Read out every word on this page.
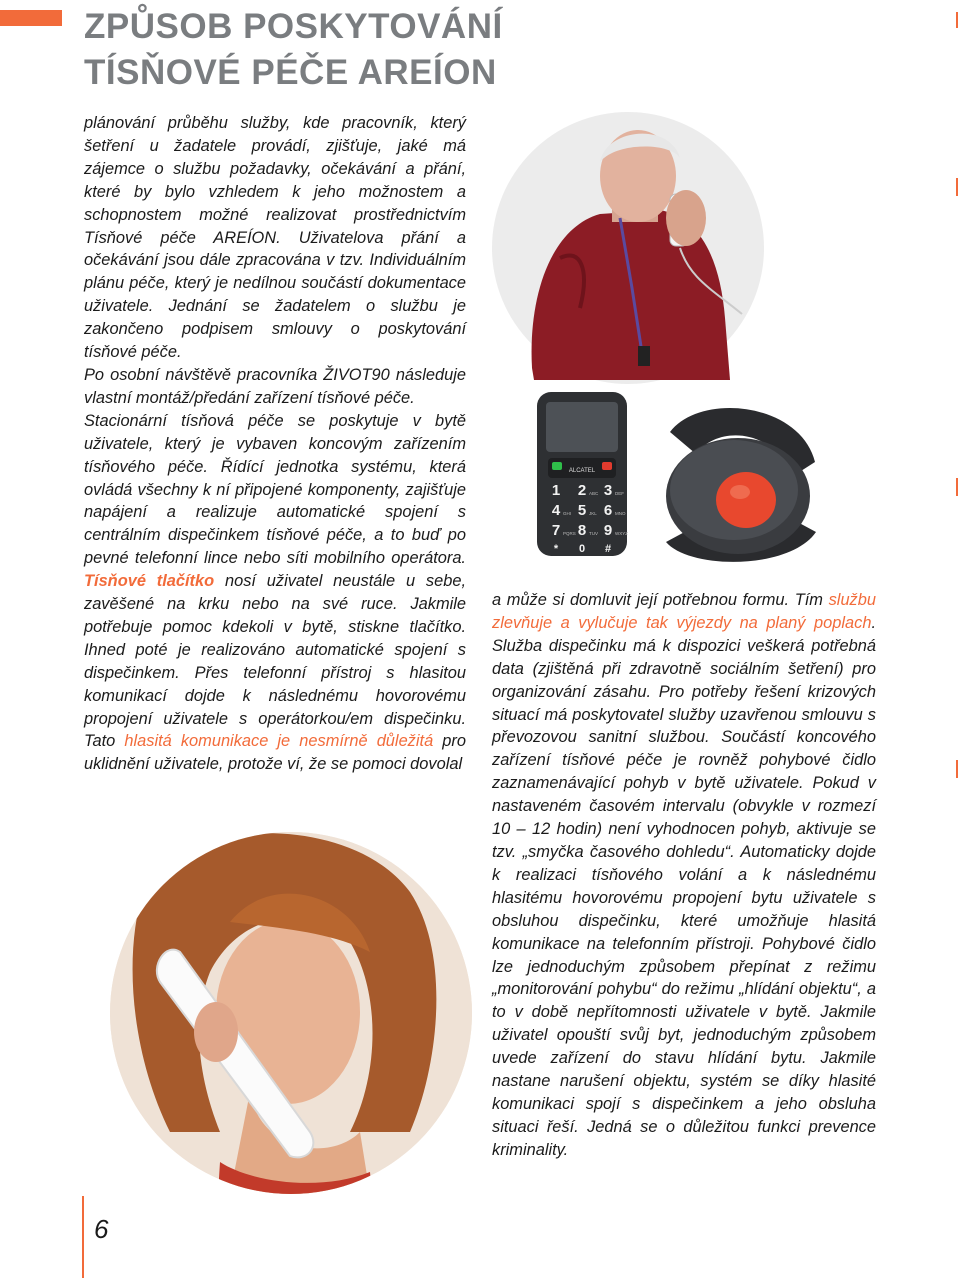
ZPŮSOB POSKYTOVÁNÍ
TÍSŇOVÉ PÉČE AREÍON

plánování průběhu služby, kde pracovník, který šetření u žadatele provádí, zjišťuje, jaké má zájemce o službu požadavky, očekávání a přání, které by bylo vzhledem k jeho možnostem a schopnostem možné realizovat prostřednictvím Tísňové péče AREÍON. Uživatelova přání a očekávání jsou dále zpracována v tzv. Individuálním plánu péče, který je nedílnou součástí dokumentace uživatele. Jednání se žadatelem o službu je zakončeno podpisem smlouvy o poskytování tísňové péče.

Po osobní návštěvě pracovníka ŽIVOT90 následuje vlastní montáž/předání zařízení tísňové péče.

Stacionární tísňová péče se poskytuje v bytě uživatele, který je vybaven koncovým zařízením tísňového péče. Řídící jednotka systému, která ovládá všechny k ní připojené komponenty, zajišťuje napájení a realizuje automatické spojení s centrálním dispečinkem tísňové péče, a to buď po pevné telefonní lince nebo síti mobilního operátora. Tísňové tlačítko nosí uživatel neustále u sebe, zavěšené na krku nebo na své ruce. Jakmile potřebuje pomoc kdekoli v bytě, stiskne tlačítko. Ihned poté je realizováno automatické spojení s dispečinkem. Přes telefonní přístroj s hlasitou komunikací dojde k následnému hovorovému propojení uživatele s operátorkou/em dispečinku. Tato hlasitá komunikace je nesmírně důležitá pro uklidnění uživatele, protože ví, že se pomoci dovolal

ALCATEL
1 2 3
4 5 6
7 8 9
* 0 #
ABC	DEF
GHI	JKL	MNO
PQRS	TUV	WXYZ

a může si domluvit její potřebnou formu. Tím službu zlevňuje a vylučuje tak výjezdy na planý poplach. Služba dispečinku má k dispozici veškerá potřebná data (zjištěná při zdravotně sociálním šetření) pro organizování zásahu. Pro potřeby řešení krizových situací má poskytovatel služby uzavřenou smlouvu s převozovou sanitní službou. Součástí koncového zařízení tísňové péče je rovněž pohybové čidlo zaznamenávající pohyb v bytě uživatele. Pokud v nastaveném časovém intervalu (obvykle v rozmezí 10 – 12 hodin) není vyhodnocen pohyb, aktivuje se tzv. „smyčka časového dohledu“. Automaticky dojde k realizaci tísňového volání a k následnému hlasitému hovorovému propojení bytu uživatele s obsluhou dispečinku, které umožňuje hlasitá komunikace na telefonním přístroji. Pohybové čidlo lze jednoduchým způsobem přepínat z režimu „monitorování pohybu“ do režimu „hlídání objektu“, a to v době nepřítomnosti uživatele v bytě. Jakmile uživatel opouští svůj byt, jednoduchým způsobem uvede zařízení do stavu hlídání bytu. Jakmile nastane narušení objektu, systém se díky hlasité komunikaci spojí s dispečinkem a jeho obsluha situaci řeší. Jedná se o důležitou funkci prevence kriminality.

6
